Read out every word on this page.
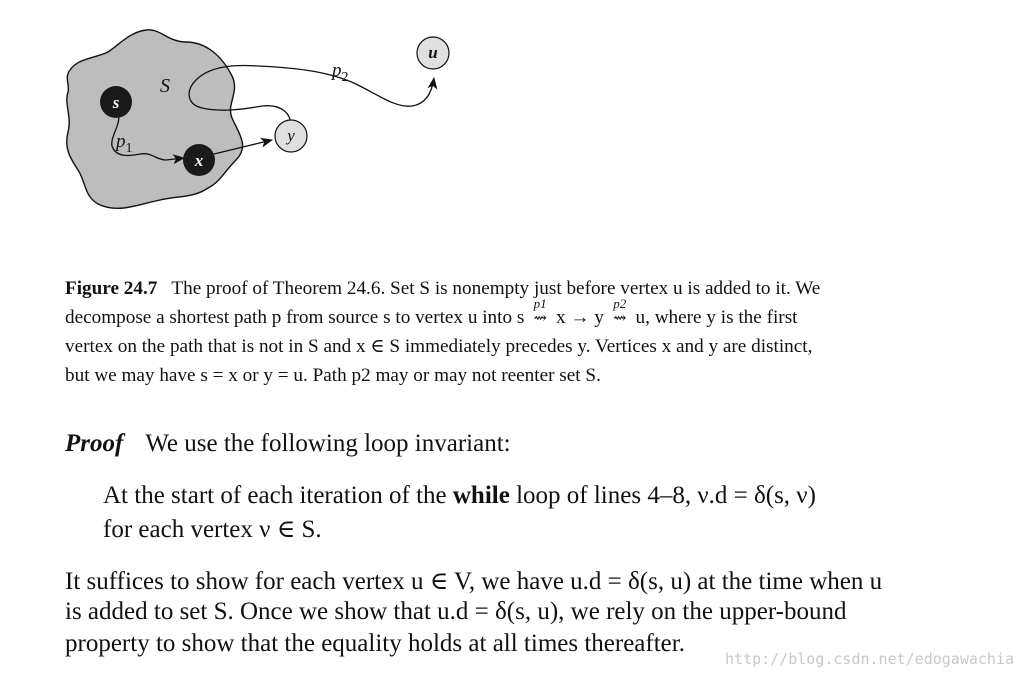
S
$p_2$
$p_1$
s
x
y
u
Figure 24.7 The proof of Theorem 24.6. Set S is nonempty just before vertex u is added to it. We
decompose a shortest path p from source s to vertex u into s
p1
⇝ x → y
p2
⇝ u, where y is the first
vertex on the path that is not in S and x ∈ S immediately precedes y. Vertices x and y are distinct,
but we may have s = x or y = u. Path p2 may or may not reenter set S.
Proof We use the following loop invariant:
At the start of each iteration of the while loop of lines 4–8, ν.d = δ(s, ν)
for each vertex ν ∈ S.
It suffices to show for each vertex u ∈ V, we have u.d = δ(s, u) at the time when u
is added to set S. Once we show that u.d = δ(s, u), we rely on the upper-bound
property to show that the equality holds at all times thereafter.
http://blog.csdn.net/edogawachia
